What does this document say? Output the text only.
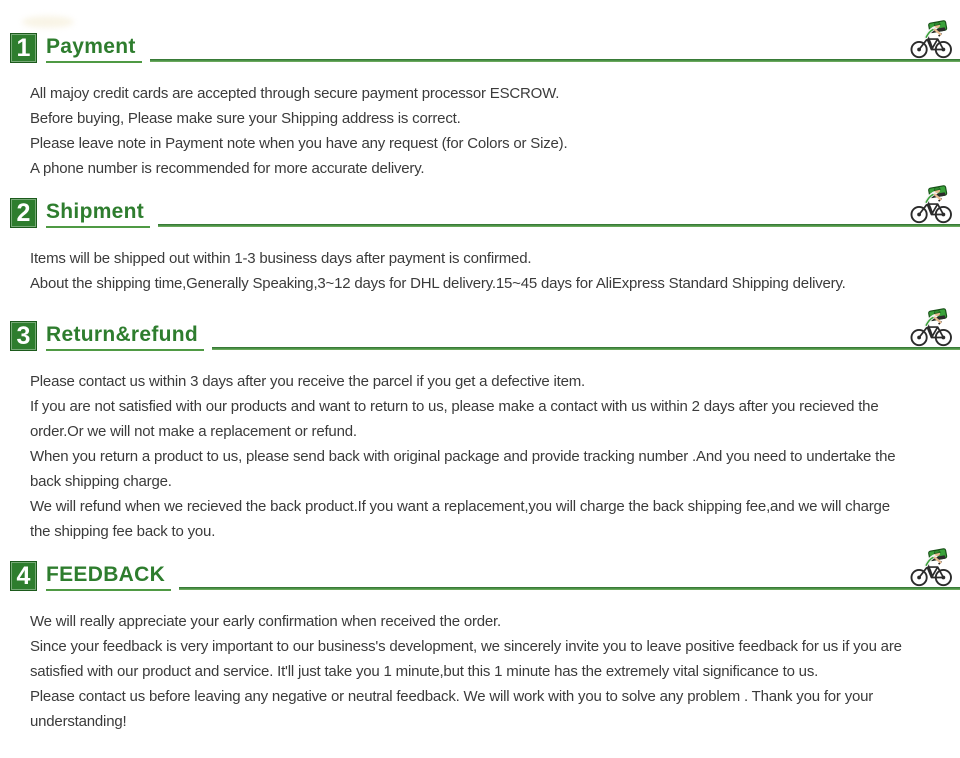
1 Payment

All majoy credit cards are accepted through secure payment processor ESCROW.

Before buying, Please make sure your Shipping address is correct.

Please leave note in Payment note when you have any request (for Colors or Size).

A phone number is recommended for more accurate delivery.

2 Shipment

Items will be shipped out within 1-3 business days after payment is confirmed.

About the shipping time,Generally Speaking,3~12 days for DHL delivery.15~45 days for AliExpress Standard Shipping delivery.

3 Return&refund

Please contact us within 3 days after you receive the parcel if you get a defective item.

If you are not satisfied with our products and want to return to us, please make a contact with us within 2 days after you recieved the order.Or we will not make a replacement or refund.

When you return a product to us, please send back with original package and provide tracking number .And you need to undertake the back shipping charge.

We will refund when we recieved the back product.If you want a replacement,you will charge the back shipping fee,and we will charge the shipping fee back to you.

4 FEEDBACK

We will really appreciate your early confirmation when received the order.

Since your feedback is very important to our business's development, we sincerely invite you to leave positive feedback for us if you are satisfied with our product and service. It'll just take you 1 minute,but this 1 minute has the extremely vital significance to us.

Please contact us before leaving any negative or neutral feedback. We will work with you to solve any problem . Thank you for your understanding!
